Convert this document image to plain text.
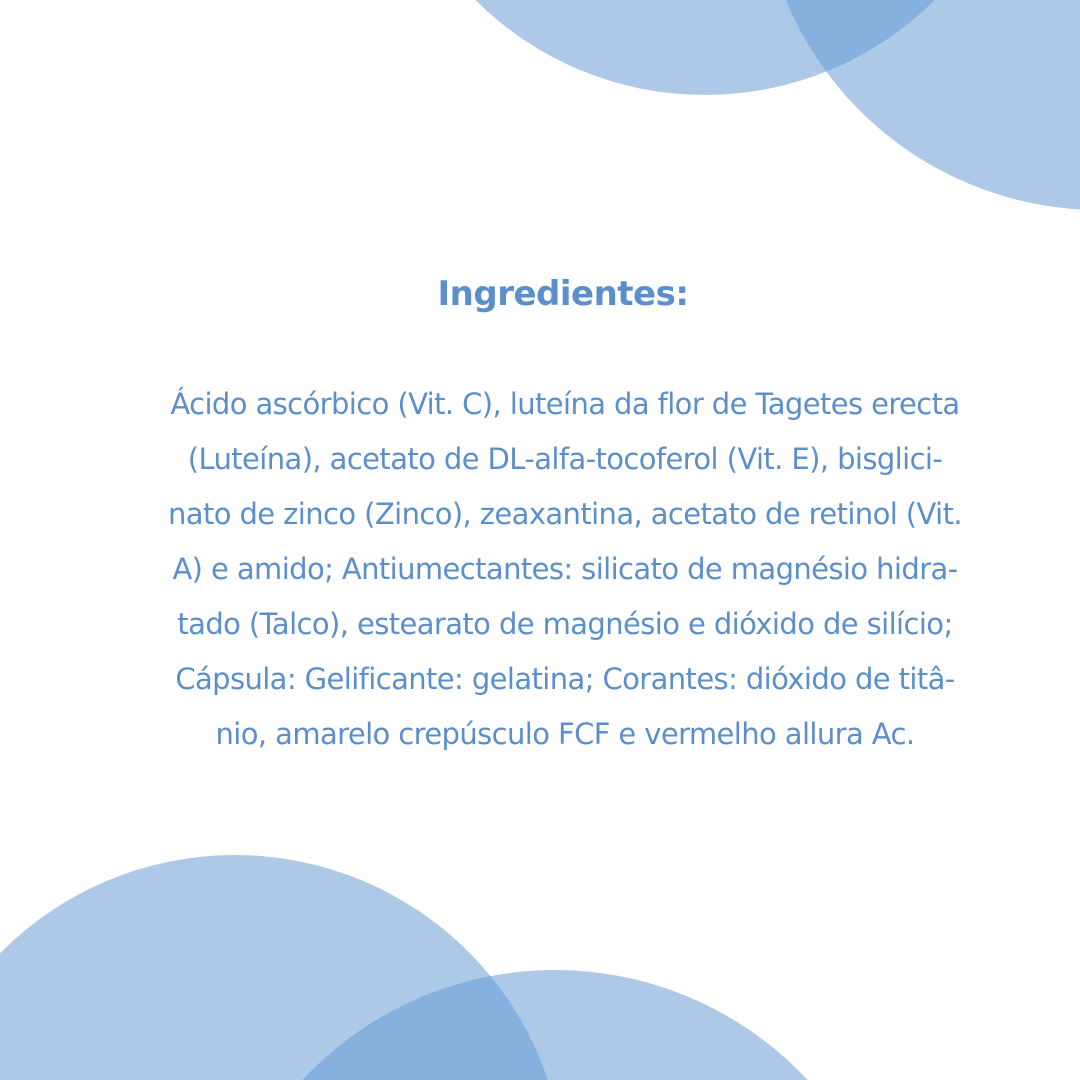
Ingredientes:

Ácido ascórbico (Vit. C), luteína da flor de Tagetes erecta
(Luteína), acetato de DL-alfa-tocoferol (Vit. E), bisglici-
nato de zinco (Zinco), zeaxantina, acetato de retinol (Vit.
A) e amido; Antiumectantes: silicato de magnésio hidra-
tado (Talco), estearato de magnésio e dióxido de silício;
Cápsula: Gelificante: gelatina; Corantes: dióxido de titâ-
nio, amarelo crepúsculo FCF e vermelho allura Ac.
